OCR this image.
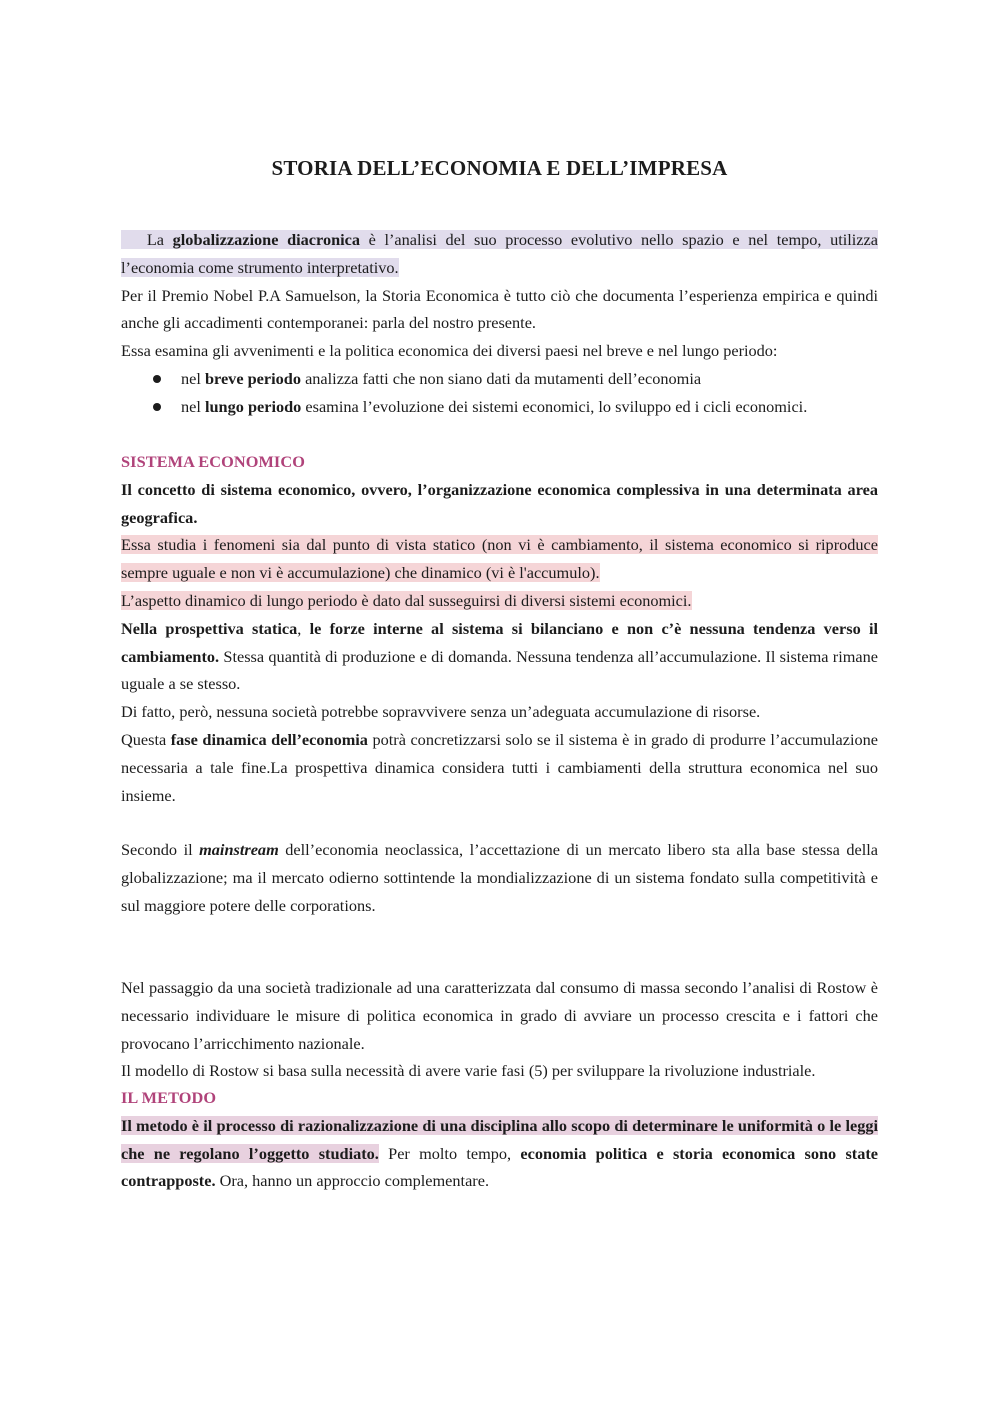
STORIA DELL’ECONOMIA E DELL’IMPRESA

La globalizzazione diacronica è l’analisi del suo processo evolutivo nello spazio e nel tempo, utilizza l’economia come strumento interpretativo.

Per il Premio Nobel P.A Samuelson, la Storia Economica è tutto ciò che documenta l’esperienza empirica e quindi anche gli accadimenti contemporanei: parla del nostro presente.

Essa esamina gli avvenimenti e la politica economica dei diversi paesi nel breve e nel lungo periodo:

nel breve periodo analizza fatti che non siano dati da mutamenti dell’economia
nel lungo periodo esamina l’evoluzione dei sistemi economici, lo sviluppo ed i cicli economici.
SISTEMA ECONOMICO

Il concetto di sistema economico, ovvero, l’organizzazione economica complessiva in una determinata area geografica.

Essa studia i fenomeni sia dal punto di vista statico (non vi è cambiamento, il sistema economico si riproduce sempre uguale e non vi è accumulazione) che dinamico (vi è l'accumulo).

L’aspetto dinamico di lungo periodo è dato dal susseguirsi di diversi sistemi economici.

Nella prospettiva statica, le forze interne al sistema si bilanciano e non c’è nessuna tendenza verso il cambiamento. Stessa quantità di produzione e di domanda. Nessuna tendenza all’accumulazione. Il sistema rimane uguale a se stesso.

Di fatto, però, nessuna società potrebbe sopravvivere senza un’adeguata accumulazione di risorse.

Questa fase dinamica dell’economia potrà concretizzarsi solo se il sistema è in grado di produrre l’accumulazione necessaria a tale fine.La prospettiva dinamica considera tutti i cambiamenti della struttura economica nel suo insieme.

Secondo il mainstream dell’economia neoclassica, l’accettazione di un mercato libero sta alla base stessa della globalizzazione; ma il mercato odierno sottintende la mondializzazione di un sistema fondato sulla competitività e sul maggiore potere delle corporations.

Nel passaggio da una società tradizionale ad una caratterizzata dal consumo di massa secondo l’analisi di Rostow è necessario individuare le misure di politica economica in grado di avviare un processo crescita e i fattori che provocano l’arricchimento nazionale.

Il modello di Rostow si basa sulla necessità di avere varie fasi (5) per sviluppare la rivoluzione industriale.

IL METODO

Il metodo è il processo di razionalizzazione di una disciplina allo scopo di determinare le uniformità o le leggi che ne regolano l’oggetto studiato. Per molto tempo, economia politica e storia economica sono state contrapposte. Ora, hanno un approccio complementare.
